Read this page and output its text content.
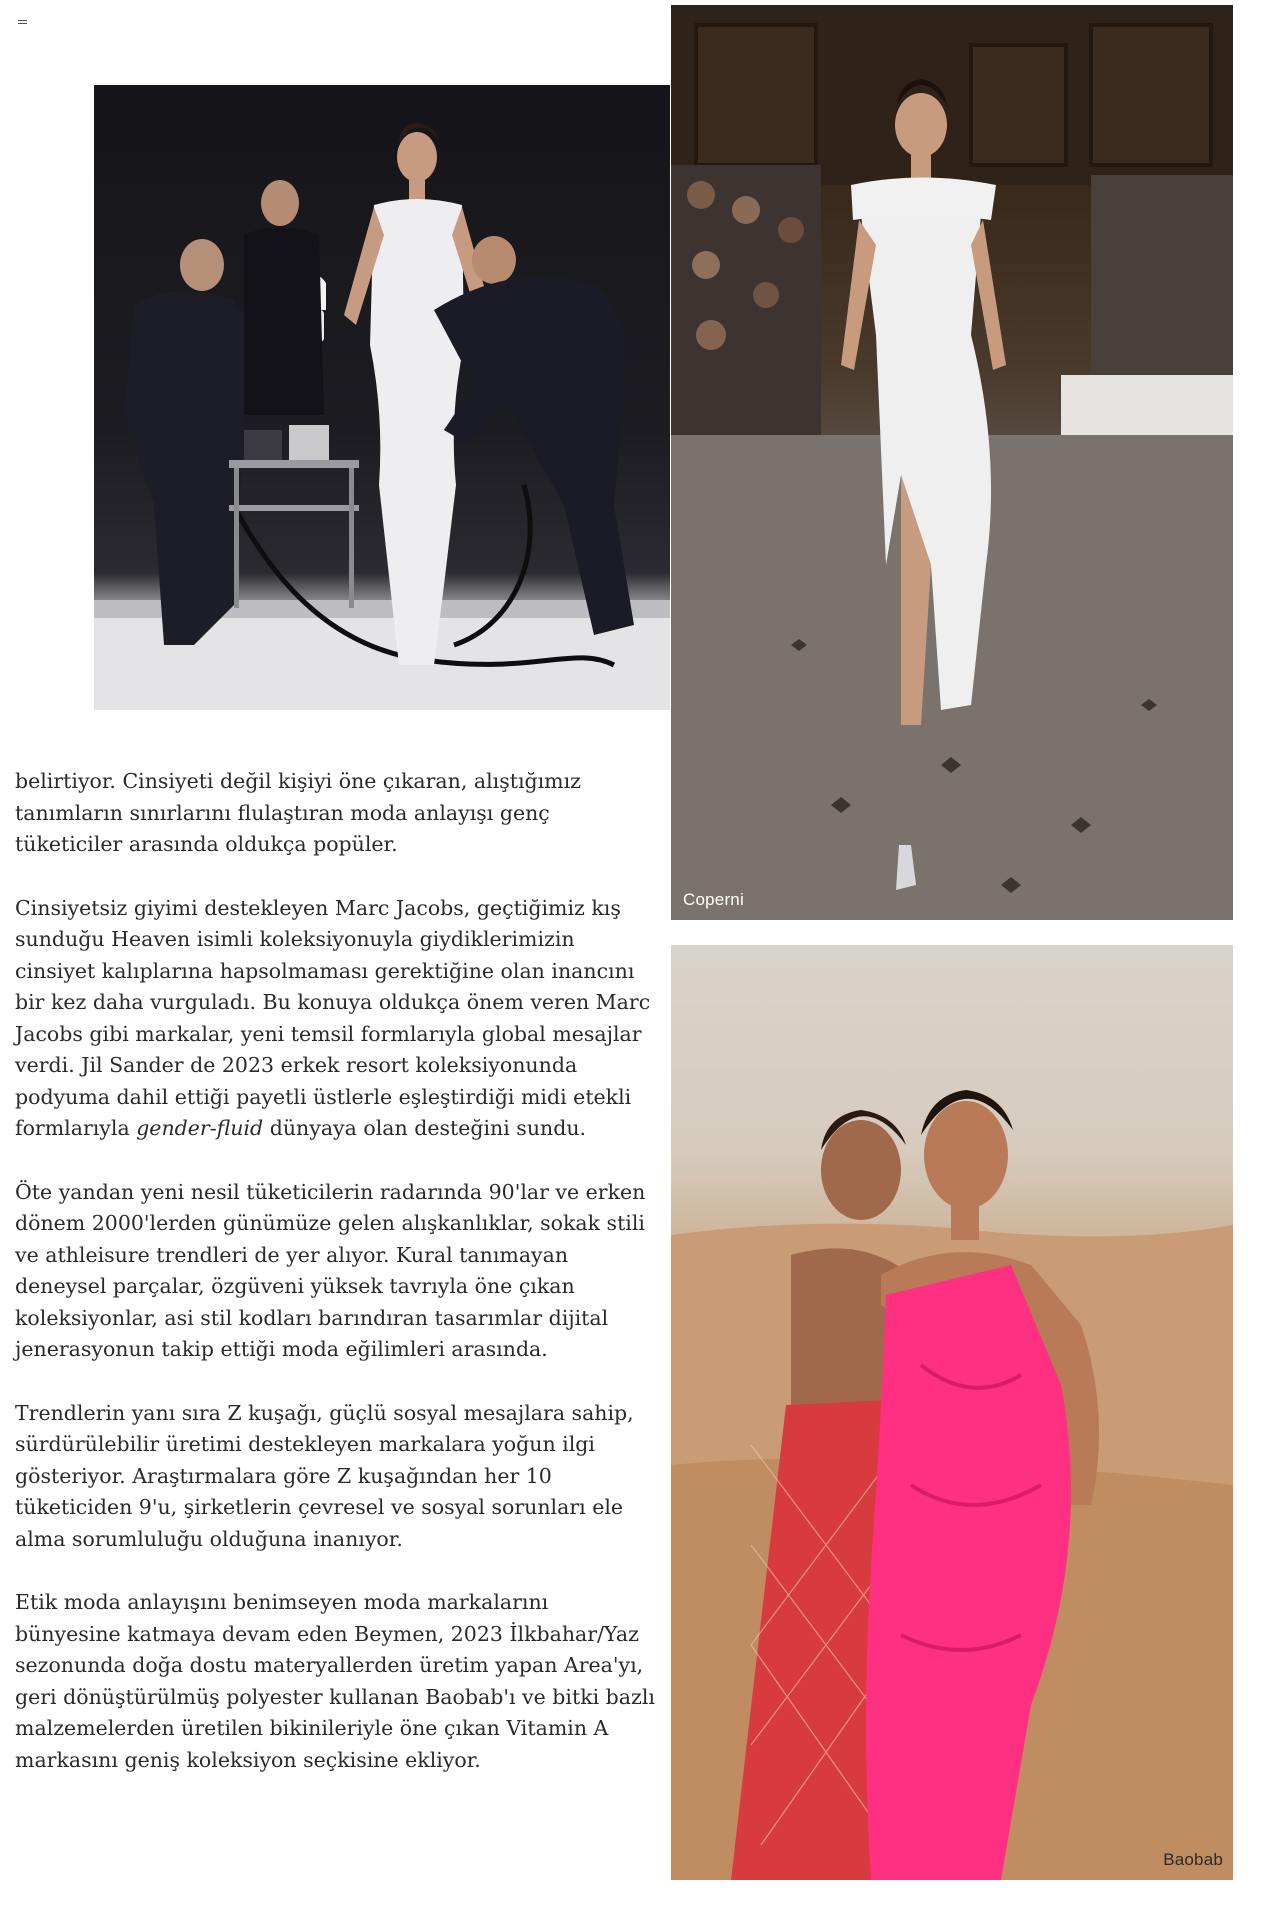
Coperni
Baobab

belirtiyor. Cinsiyeti değil kişiyi öne çıkaran, alıştığımız tanımların sınırlarını flulaştıran moda anlayışı genç tüketiciler arasında oldukça popüler.

Cinsiyetsiz giyimi destekleyen Marc Jacobs, geçtiğimiz kış sunduğu Heaven isimli koleksiyonuyla giydiklerimizin cinsiyet kalıplarına hapsolmaması gerektiğine olan inancını bir kez daha vurguladı. Bu konuya oldukça önem veren Marc Jacobs gibi markalar, yeni temsil formlarıyla global mesajlar verdi. Jil Sander de 2023 erkek resort koleksiyonunda podyuma dahil ettiği payetli üstlerle eşleştirdiği midi etekli formlarıyla gender-fluid dünyaya olan desteğini sundu.

Öte yandan yeni nesil tüketicilerin radarında 90'lar ve erken dönem 2000'lerden günümüze gelen alışkanlıklar, sokak stili ve athleisure trendleri de yer alıyor. Kural tanımayan deneysel parçalar, özgüveni yüksek tavrıyla öne çıkan koleksiyonlar, asi stil kodları barındıran tasarımlar dijital jenerasyonun takip ettiği moda eğilimleri arasında.

Trendlerin yanı sıra Z kuşağı, güçlü sosyal mesajlara sahip, sürdürülebilir üretimi destekleyen markalara yoğun ilgi gösteriyor. Araştırmalara göre Z kuşağından her 10 tüketiciden 9'u, şirketlerin çevresel ve sosyal sorunları ele alma sorumluluğu olduğuna inanıyor.

Etik moda anlayışını benimseyen moda markalarını bünyesine katmaya devam eden Beymen, 2023 İlkbahar/Yaz sezonunda doğa dostu materyallerden üretim yapan Area'yı, geri dönüştürülmüş polyester kullanan Baobab'ı ve bitki bazlı malzemelerden üretilen bikinileriyle öne çıkan Vitamin A markasını geniş koleksiyon seçkisine ekliyor.
